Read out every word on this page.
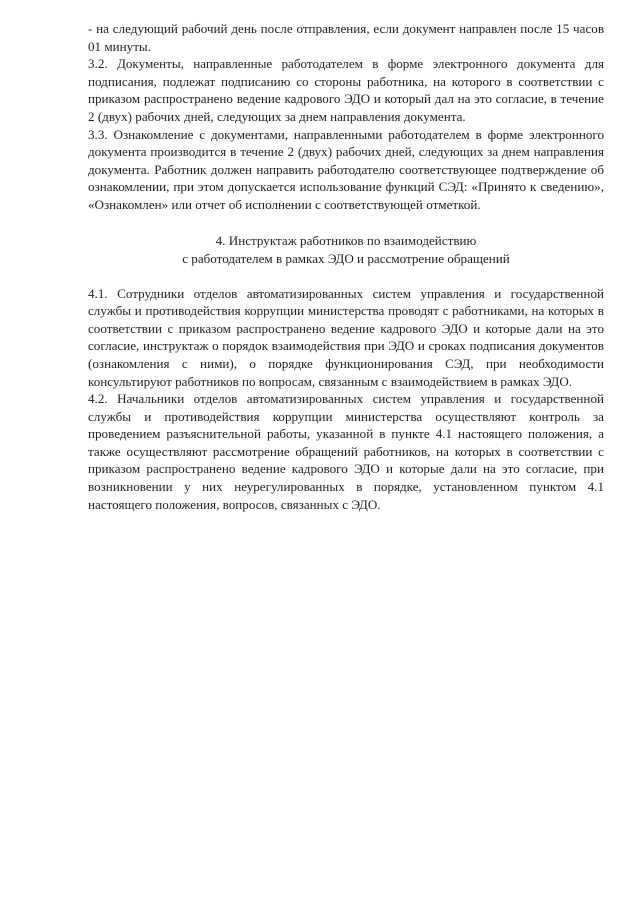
- на следующий рабочий день после отправления, если документ направлен после 15 часов 01 минуты.

3.2. Документы, направленные работодателем в форме электронного документа для подписания, подлежат подписанию со стороны работника, на которого в соответствии с приказом распространено ведение кадрового ЭДО и который дал на это согласие, в течение 2 (двух) рабочих дней, следующих за днем направления документа.

3.3. Ознакомление с документами, направленными работодателем в форме электронного документа производится в течение 2 (двух) рабочих дней, следующих за днем направления документа. Работник должен направить работодателю соответствующее подтверждение об ознакомлении, при этом допускается использование функций СЭД: «Принято к сведению», «Ознакомлен» или отчет об исполнении с соответствующей отметкой.

4. Инструктаж работников по взаимодействию

с работодателем в рамках ЭДО и рассмотрение обращений

4.1. Сотрудники отделов автоматизированных систем управления и государственной службы и противодействия коррупции министерства проводят с работниками, на которых в соответствии с приказом распространено ведение кадрового ЭДО и которые дали на это согласие, инструктаж о порядок взаимодействия при ЭДО и сроках подписания документов (ознакомления с ними), о порядке функционирования СЭД, при необходимости консультируют работников по вопросам, связанным с взаимодействием в рамках ЭДО.

4.2. Начальники отделов автоматизированных систем управления и государственной службы и противодействия коррупции министерства осуществляют контроль за проведением разъяснительной работы, указанной в пункте 4.1 настоящего положения, а также осуществляют рассмотрение обращений работников, на которых в соответствии с приказом распространено ведение кадрового ЭДО и которые дали на это согласие, при возникновении у них неурегулированных в порядке, установленном пунктом 4.1 настоящего положения, вопросов, связанных с ЭДО.
